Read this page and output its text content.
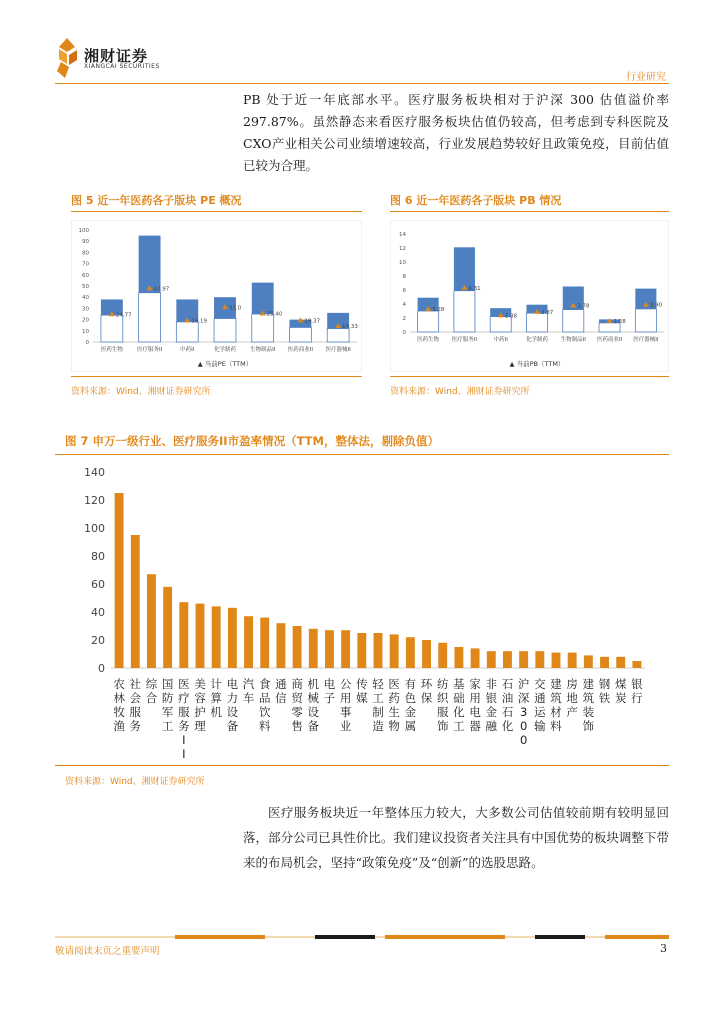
湘财证券
XIANGCAI SECURITIES
行业研究
PB 处于近一年底部水平。医疗服务板块相对于沪深 300 估值溢价率 297.87%。虽然静态来看医疗服务板块估值仍较高，但考虑到专科医院及CXO产业相关公司业绩增速较高，行业发展趋势较好且政策免疫，目前估值已较为合理。
图 5 近一年医药各子版块 PE 概况
0
10
20
30
40
50
60
70
80
90
100
24.77
医药生物
47.97
医疗服务II
19.19
中药II
31.0
化学制药
25.40
生物制品II
19.37
医药商业II
14.33
医疗器械II
▲ 当前PE（TTM）
资料来源：Wind、湘财证券研究所
图 6 近一年医药各子版块 PB 情况
0
2
4
6
8
10
12
14
3.28
医药生物
6.31
医疗服务II
2.38
中药II
2.87
化学制药
3.78
生物制品II
1.58
医药商业II
3.90
医疗器械II
▲ 当前PB（TTM）
资料来源：Wind、湘财证券研究所
图 7 申万一级行业、医疗服务II市盈率情况（TTM，整体法，剔除负值）
0
20
40
60
80
100
120
140
农林牧渔
社会服务
综合
国防军工
医疗服务 I I
美容护理
计算机
电力设备
汽车
食品饮料
通信
商贸零售
机械设备
电子
公用事业
传媒
轻工制造
医药生物
有色金属
环保
纺织服饰
基础化工
家用电器
非银金融
石油石化
沪深 3 0 0
交通运输
建筑材料
房地产
建筑装饰
钢铁
煤炭
银行
资料来源：Wind、湘财证券研究所
医疗服务板块近一年整体压力较大，大多数公司估值较前期有较明显回落，部分公司已具性价比。我们建议投资者关注具有中国优势的板块调整下带来的布局机会，坚持“政策免疫”及“创新”的选股思路。
敬请阅读末页之重要声明	3
